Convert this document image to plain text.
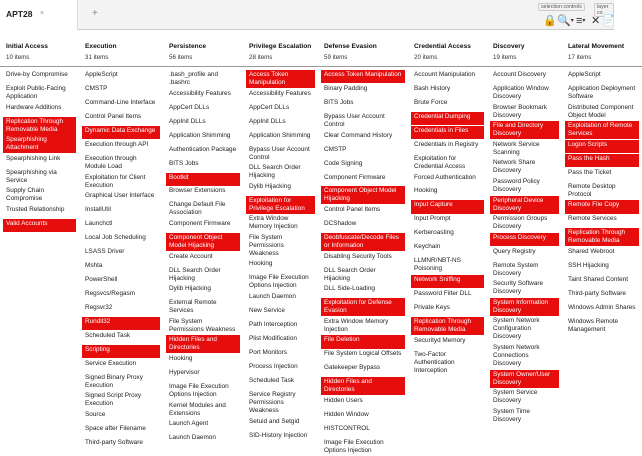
APT28 ×	+
selection controls	layer co
🔒 🔍▾ ≡▾ ✕ 📄
Initial Access
10 items
Drive-by Compromise
Exploit Public-Facing Application
Hardware Additions
Replication Through Removable Media
Spearphishing Attachment
Spearphishing Link
Spearphishing via Service
Supply Chain Compromise
Trusted Relationship
Valid Accounts
Execution
31 items
AppleScript
CMSTP
Command-Line Interface
Control Panel Items
Dynamic Data Exchange
Execution through API
Execution through Module Load
Exploitation for Client Execution
Graphical User Interface
InstallUtil
Launchctl
Local Job Scheduling
LSASS Driver
Mshta
PowerShell
Regsvcs/Regasm
Regsvr32
Rundll32
Scheduled Task
Scripting
Service Execution
Signed Binary Proxy Execution
Signed Script Proxy Execution
Source
Space after Filename
Third-party Software
Persistence
56 items
.bash_profile and .bashrc
Accessibility Features
AppCert DLLs
AppInit DLLs
Application Shimming
Authentication Package
BITS Jobs
Bootkit
Browser Extensions
Change Default File Association
Component Firmware
Component Object Model Hijacking
Create Account
DLL Search Order Hijacking
Dylib Hijacking
External Remote Services
File System Permissions Weakness
Hidden Files and Directories
Hooking
Hypervisor
Image File Execution Options Injection
Kernel Modules and Extensions
Launch Agent
Launch Daemon
Privilege Escalation
28 items
Access Token Manipulation
Accessibility Features
AppCert DLLs
AppInit DLLs
Application Shimming
Bypass User Account Control
DLL Search Order Hijacking
Dylib Hijacking
Exploitation for Privilege Escalation
Extra Window Memory Injection
File System Permissions Weakness
Hooking
Image File Execution Options Injection
Launch Daemon
New Service
Path Interception
Plist Modification
Port Monitors
Process Injection
Scheduled Task
Service Registry Permissions Weakness
Setuid and Setgid
SID-History Injection
Defense Evasion
59 items
Access Token Manipulation
Binary Padding
BITS Jobs
Bypass User Account Control
Clear Command History
CMSTP
Code Signing
Component Firmware
Component Object Model Hijacking
Control Panel Items
DCShadow
Deobfuscate/Decode Files or Information
Disabling Security Tools
DLL Search Order Hijacking
DLL Side-Loading
Exploitation for Defense Evasion
Extra Window Memory Injection
File Deletion
File System Logical Offsets
Gatekeeper Bypass
Hidden Files and Directories
Hidden Users
Hidden Window
HISTCONTROL
Image File Execution Options Injection
Credential Access
20 items
Account Manipulation
Bash History
Brute Force
Credential Dumping
Credentials in Files
Credentials in Registry
Exploitation for Credential Access
Forced Authentication
Hooking
Input Capture
Input Prompt
Kerberoasting
Keychain
LLMNR/NBT-NS Poisoning
Network Sniffing
Password Filter DLL
Private Keys
Replication Through Removable Media
Securityd Memory
Two-Factor Authentication Interception
Discovery
19 items
Account Discovery
Application Window Discovery
Browser Bookmark Discovery
File and Directory Discovery
Network Service Scanning
Network Share Discovery
Password Policy Discovery
Peripheral Device Discovery
Permission Groups Discovery
Process Discovery
Query Registry
Remote System Discovery
Security Software Discovery
System Information Discovery
System Network Configuration Discovery
System Network Connections Discovery
System Owner/User Discovery
System Service Discovery
System Time Discovery
Lateral Movement
17 items
AppleScript
Application Deployment Software
Distributed Component Object Model
Exploitation of Remote Services
Logon Scripts
Pass the Hash
Pass the Ticket
Remote Desktop Protocol
Remote File Copy
Remote Services
Replication Through Removable Media
Shared Webroot
SSH Hijacking
Taint Shared Content
Third-party Software
Windows Admin Shares
Windows Remote Management
